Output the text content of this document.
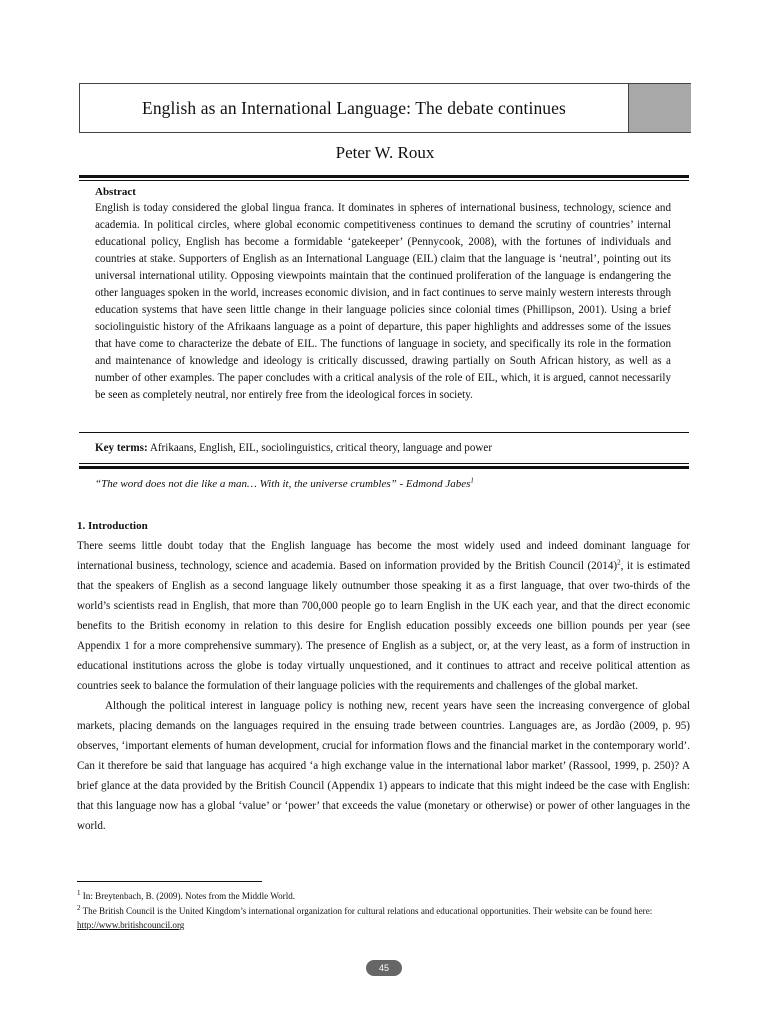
English as an International Language: The debate continues
Peter W. Roux
Abstract
English is today considered the global lingua franca. It dominates in spheres of international business, technology, science and academia. In political circles, where global economic competitiveness continues to demand the scrutiny of countries’ internal educational policy, English has become a formidable ‘gatekeeper’ (Pennycook, 2008), with the fortunes of individuals and countries at stake. Supporters of English as an International Language (EIL) claim that the language is ‘neutral’, pointing out its universal international utility. Opposing viewpoints maintain that the continued proliferation of the language is endangering the other languages spoken in the world, increases economic division, and in fact continues to serve mainly western interests through education systems that have seen little change in their language policies since colonial times (Phillipson, 2001). Using a brief sociolinguistic history of the Afrikaans language as a point of departure, this paper highlights and addresses some of the issues that have come to characterize the debate of EIL. The functions of language in society, and specifically its role in the formation and maintenance of knowledge and ideology is critically discussed, drawing partially on South African history, as well as a number of other examples. The paper concludes with a critical analysis of the role of EIL, which, it is argued, cannot necessarily be seen as completely neutral, nor entirely free from the ideological forces in society.
Key terms: Afrikaans, English, EIL, sociolinguistics, critical theory, language and power
“The word does not die like a man… With it, the universe crumbles” - Edmond Jabes$^1$
1. Introduction

There seems little doubt today that the English language has become the most widely used and indeed dominant language for international business, technology, science and academia. Based on information provided by the British Council $(2014)^2$, it is estimated that the speakers of English as a second language likely outnumber those speaking it as a first language, that over two-thirds of the world’s scientists read in English, that more than 700,000 people go to learn English in the UK each year, and that the direct economic benefits to the British economy in relation to this desire for English education possibly exceeds one billion pounds per year (see Appendix 1 for a more comprehensive summary). The presence of English as a subject, or, at the very least, as a form of instruction in educational institutions across the globe is today virtually unquestioned, and it continues to attract and receive political attention as countries seek to balance the formulation of their language policies with the requirements and challenges of the global market.

Although the political interest in language policy is nothing new, recent years have seen the increasing convergence of global markets, placing demands on the languages required in the ensuing trade between countries. Languages are, as Jordão (2009, p. 95) observes, ‘important elements of human development, crucial for information flows and the financial market in the contemporary world’. Can it therefore be said that language has acquired ‘a high exchange value in the international labor market’ (Rassool, 1999, p. 250)? A brief glance at the data provided by the British Council (Appendix 1) appears to indicate that this might indeed be the case with English: that this language now has a global ‘value’ or ‘power’ that exceeds the value (monetary or otherwise) or power of other languages in the world.

$^1$ In: Breytenbach, B. (2009). Notes from the Middle World.

$^2$ The British Council is the United Kingdom’s international organization for cultural relations and educational opportunities. Their website can be found here: http://www.britishcouncil.org

45
